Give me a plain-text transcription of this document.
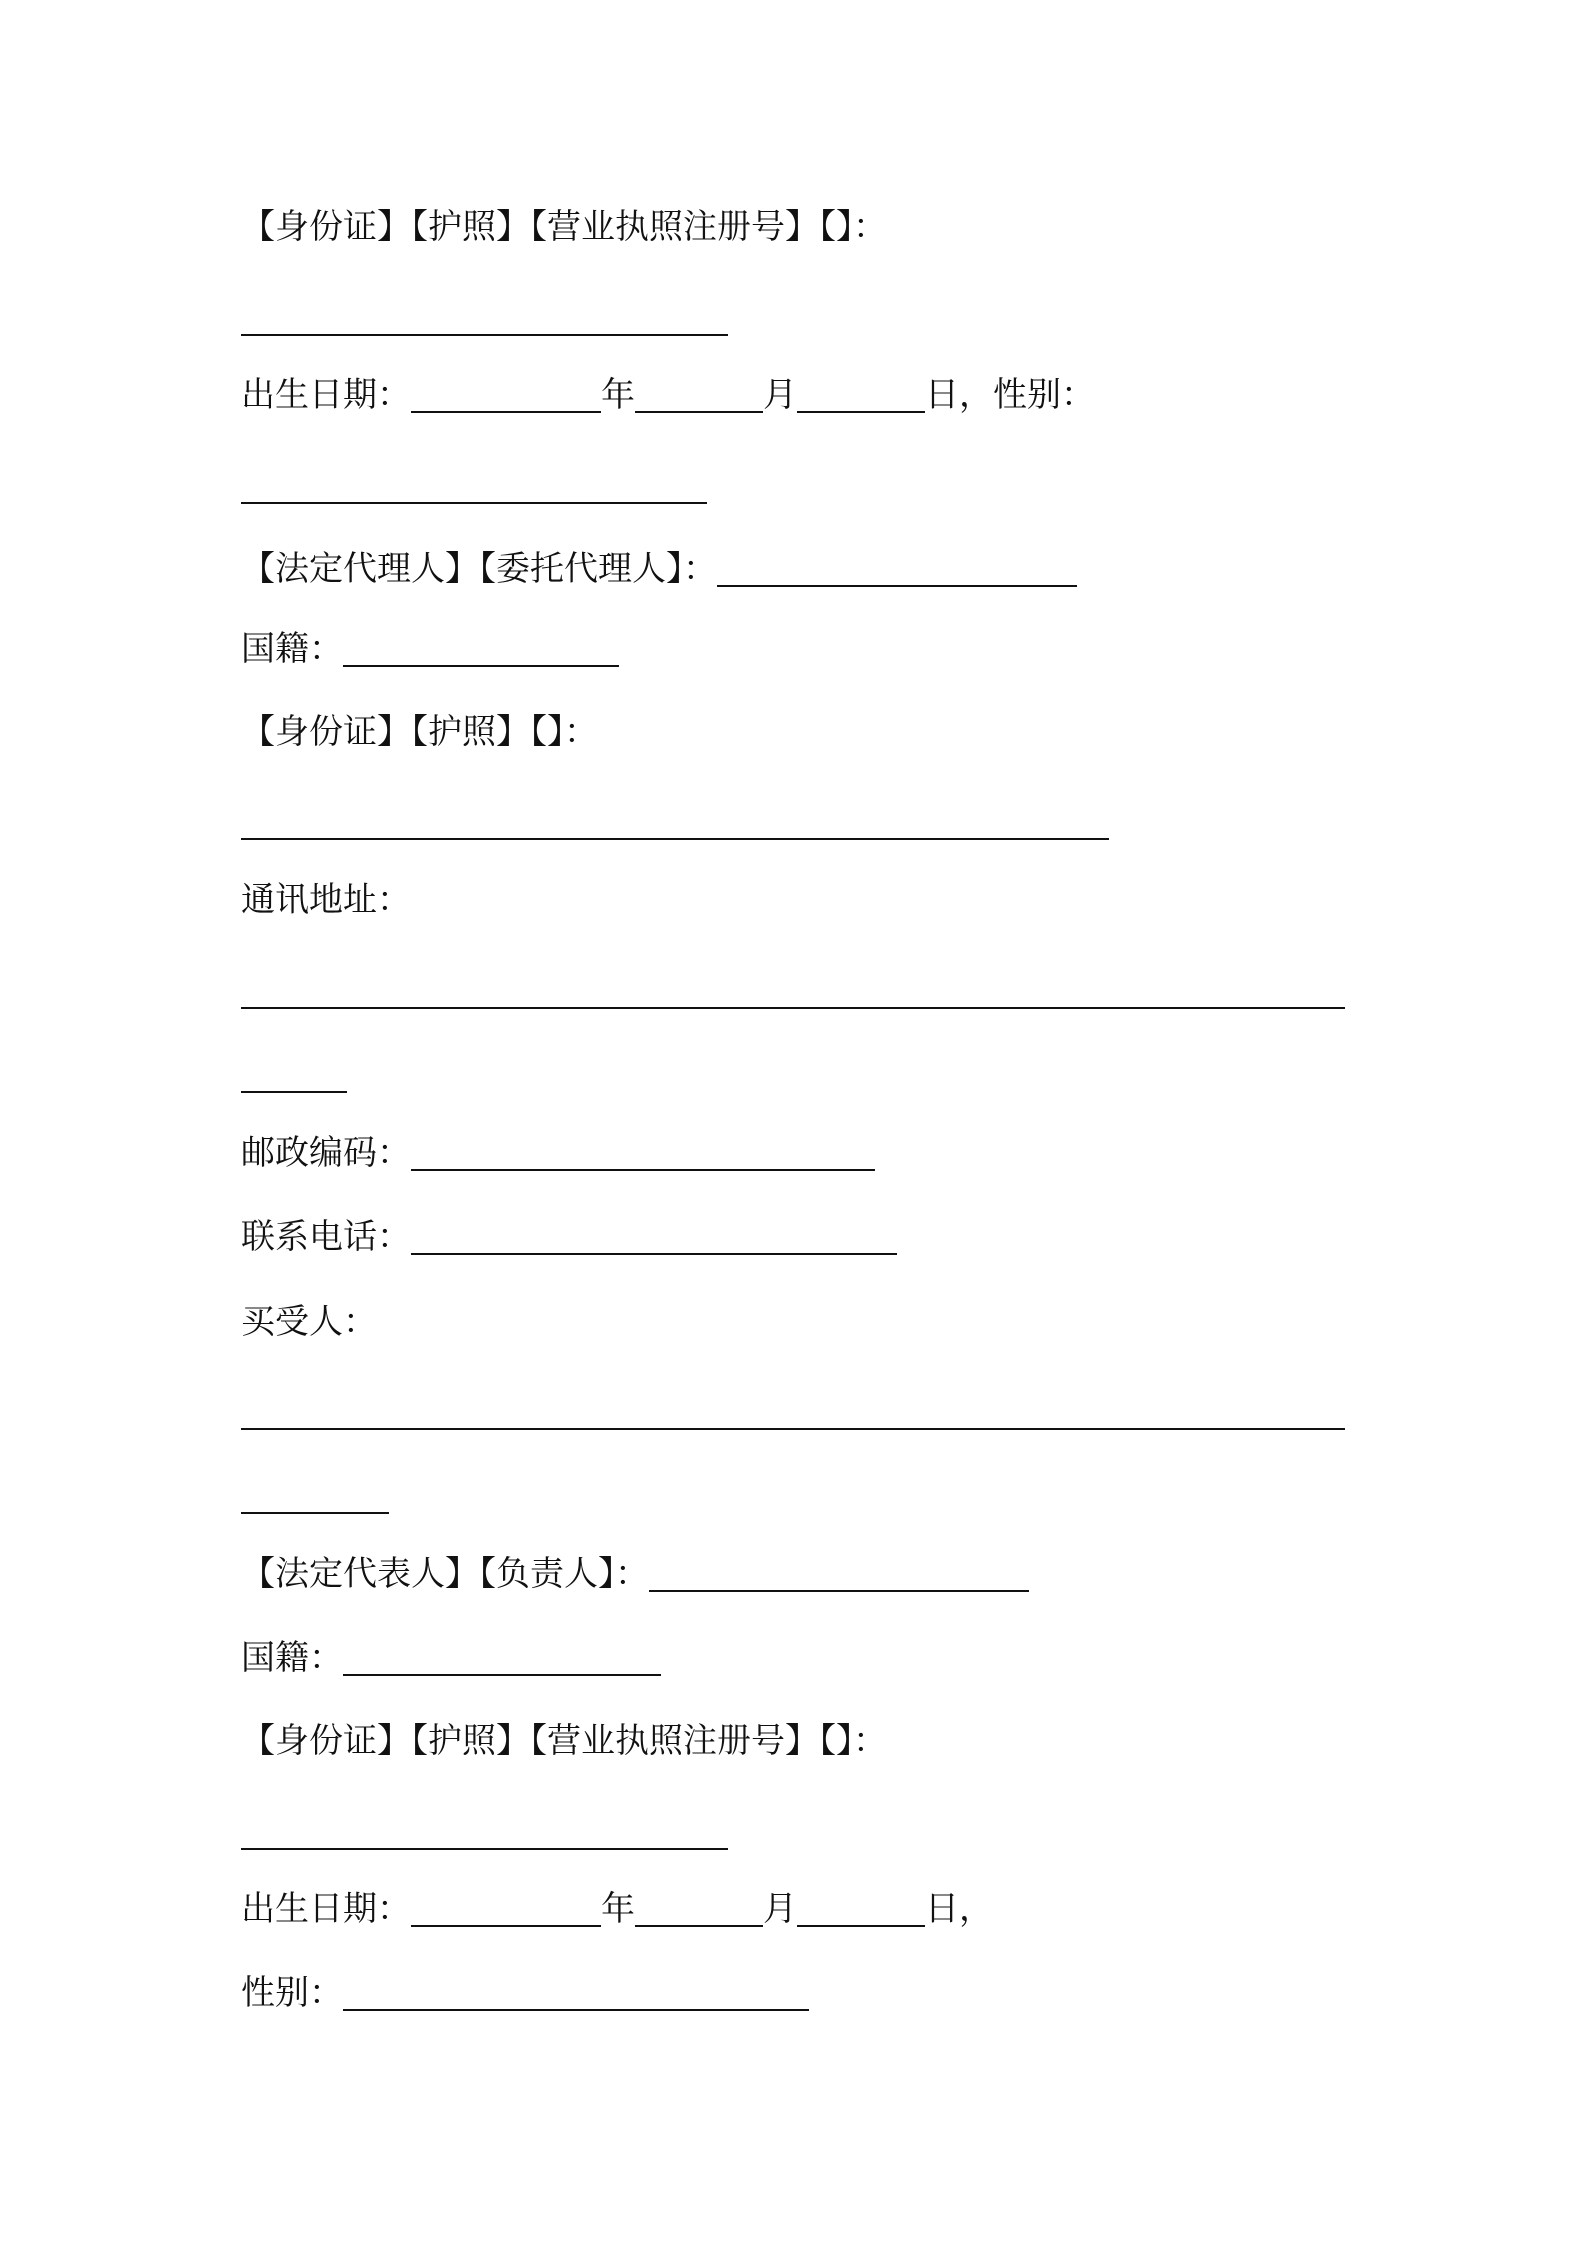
【身份证】【护照】【营业执照注册号】【】：
出生日期：	年	月	日，性别：
【法定代理人】【委托代理人】：
国籍：
【身份证】【护照】【】：
通讯地址：
邮政编码：
联系电话：
买受人：
【法定代表人】【负责人】：
国籍：
【身份证】【护照】【营业执照注册号】【】：
出生日期：	年	月	日，
性别：
